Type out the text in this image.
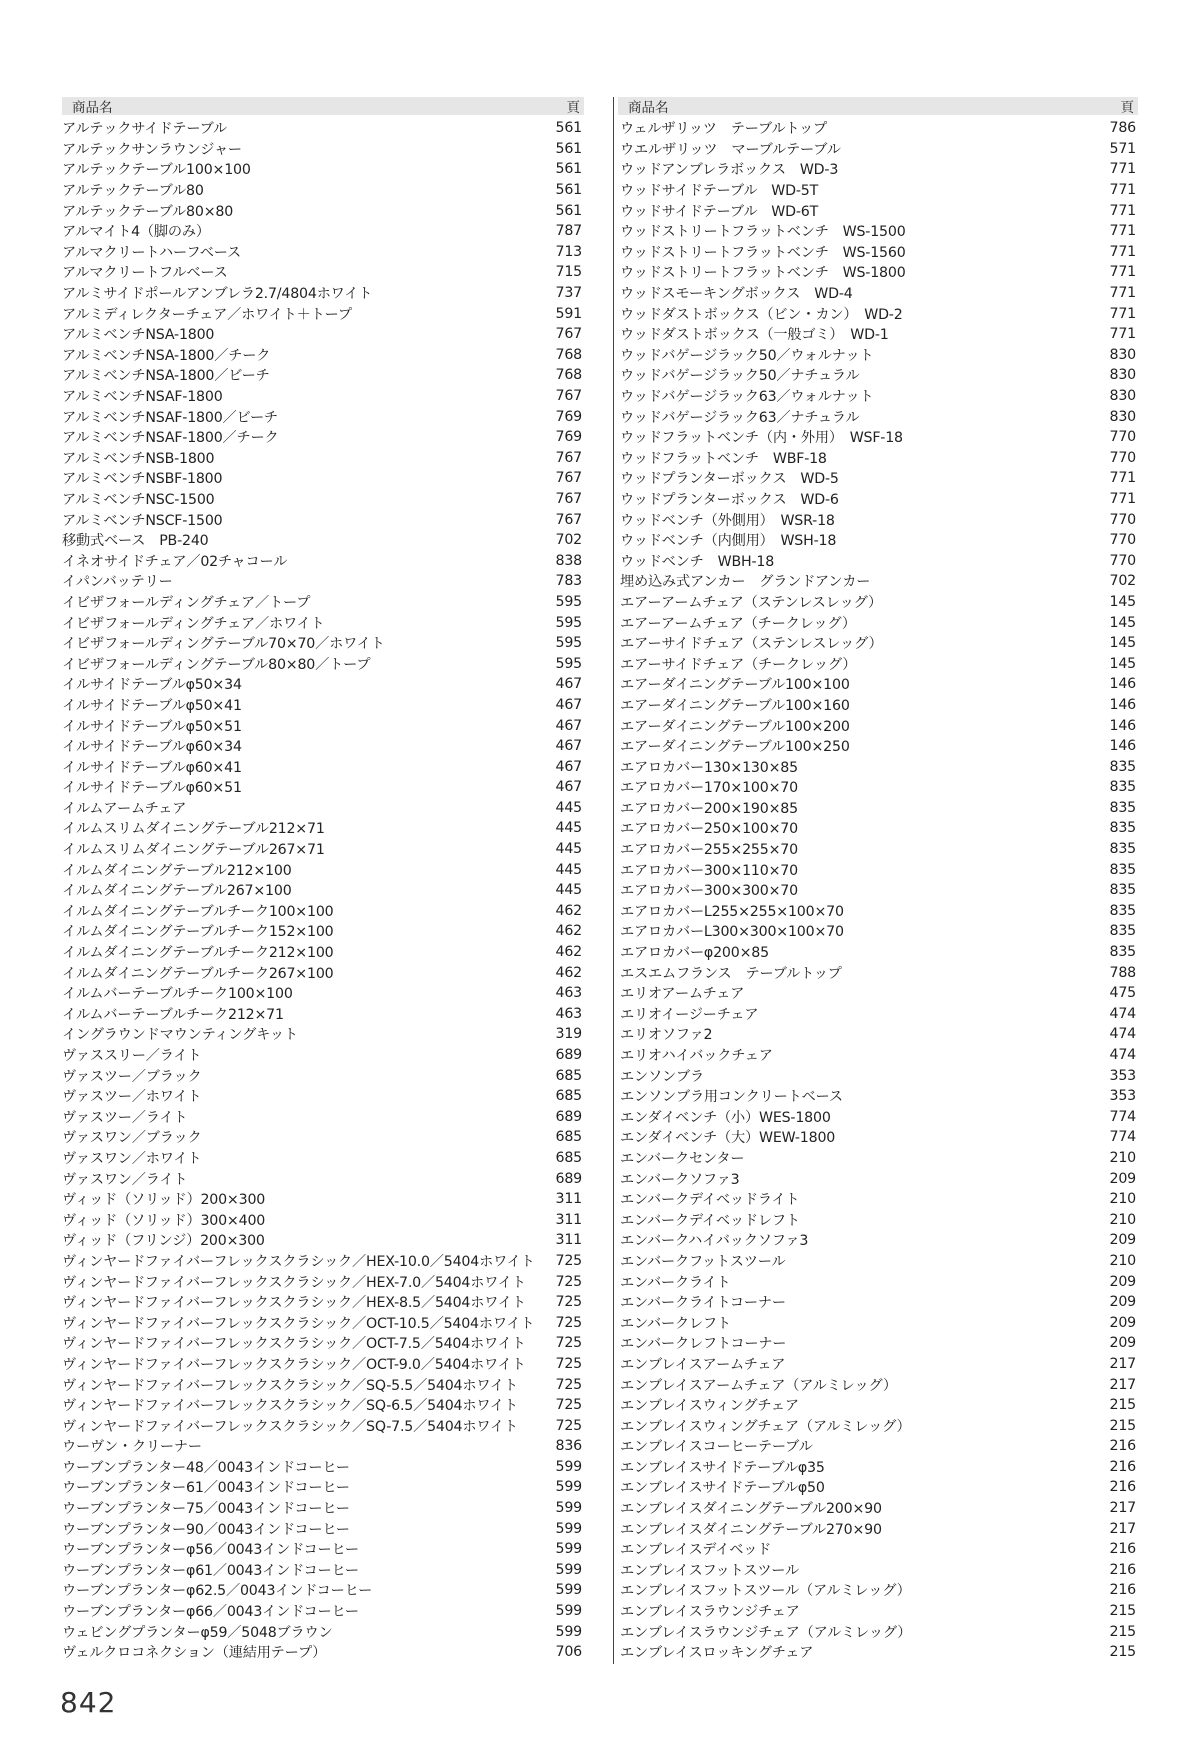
商品名	頁
アルテックサイドテーブル	561
アルテックサンラウンジャー	561
アルテックテーブル100×100	561
アルテックテーブル80	561
アルテックテーブル80×80	561
アルマイト4（脚のみ）	787
アルマクリートハーフベース	713
アルマクリートフルベース	715
アルミサイドポールアンブレラ2.7/4804ホワイト	737
アルミディレクターチェア／ホワイト＋トープ	591
アルミベンチNSA-1800	767
アルミベンチNSA-1800／チーク	768
アルミベンチNSA-1800／ビーチ	768
アルミベンチNSAF-1800	767
アルミベンチNSAF-1800／ビーチ	769
アルミベンチNSAF-1800／チーク	769
アルミベンチNSB-1800	767
アルミベンチNSBF-1800	767
アルミベンチNSC-1500	767
アルミベンチNSCF-1500	767
移動式ベース　PB-240	702
イネオサイドチェア／02チャコール	838
イパンバッテリー	783
イビザフォールディングチェア／トープ	595
イビザフォールディングチェア／ホワイト	595
イビザフォールディングテーブル70×70／ホワイト	595
イビザフォールディングテーブル80×80／トープ	595
イルサイドテーブルφ50×34	467
イルサイドテーブルφ50×41	467
イルサイドテーブルφ50×51	467
イルサイドテーブルφ60×34	467
イルサイドテーブルφ60×41	467
イルサイドテーブルφ60×51	467
イルムアームチェア	445
イルムスリムダイニングテーブル212×71	445
イルムスリムダイニングテーブル267×71	445
イルムダイニングテーブル212×100	445
イルムダイニングテーブル267×100	445
イルムダイニングテーブルチーク100×100	462
イルムダイニングテーブルチーク152×100	462
イルムダイニングテーブルチーク212×100	462
イルムダイニングテーブルチーク267×100	462
イルムバーテーブルチーク100×100	463
イルムバーテーブルチーク212×71	463
イングラウンドマウンティングキット	319
ヴァススリー／ライト	689
ヴァスツー／ブラック	685
ヴァスツー／ホワイト	685
ヴァスツー／ライト	689
ヴァスワン／ブラック	685
ヴァスワン／ホワイト	685
ヴァスワン／ライト	689
ヴィッド（ソリッド）200×300	311
ヴィッド（ソリッド）300×400	311
ヴィッド（フリンジ）200×300	311
ヴィンヤードファイバーフレックスクラシック／HEX-10.0／5404ホワイト 725
ヴィンヤードファイバーフレックスクラシック／HEX-7.0／5404ホワイト 725
ヴィンヤードファイバーフレックスクラシック／HEX-8.5／5404ホワイト 725
ヴィンヤードファイバーフレックスクラシック／OCT-10.5／5404ホワイト 725
ヴィンヤードファイバーフレックスクラシック／OCT-7.5／5404ホワイト 725
ヴィンヤードファイバーフレックスクラシック／OCT-9.0／5404ホワイト 725
ヴィンヤードファイバーフレックスクラシック／SQ-5.5／5404ホワイト	725
ヴィンヤードファイバーフレックスクラシック／SQ-6.5／5404ホワイト	725
ヴィンヤードファイバーフレックスクラシック／SQ-7.5／5404ホワイト	725
ウーヴン・クリーナー	836
ウーブンプランター48／0043インドコーヒー	599
ウーブンプランター61／0043インドコーヒー	599
ウーブンプランター75／0043インドコーヒー	599
ウーブンプランター90／0043インドコーヒー	599
ウーブンプランターφ56／0043インドコーヒー	599
ウーブンプランターφ61／0043インドコーヒー	599
ウーブンプランターφ62.5／0043インドコーヒー	599
ウーブンプランターφ66／0043インドコーヒー	599
ウェビングプランターφ59／5048ブラウン	599
ヴェルクロコネクション（連結用テープ）	706
商品名	頁
ウェルザリッツ　テーブルトップ	786
ウエルザリッツ　マーブルテーブル	571
ウッドアンブレラボックス　WD-3	771
ウッドサイドテーブル　WD-5T	771
ウッドサイドテーブル　WD-6T	771
ウッドストリートフラットベンチ　WS-1500	771
ウッドストリートフラットベンチ　WS-1560	771
ウッドストリートフラットベンチ　WS-1800	771
ウッドスモーキングボックス　WD-4	771
ウッドダストボックス（ビン・カン）　WD-2	771
ウッドダストボックス（一般ゴミ）　WD-1	771
ウッドバゲージラック50／ウォルナット	830
ウッドバゲージラック50／ナチュラル	830
ウッドバゲージラック63／ウォルナット	830
ウッドバゲージラック63／ナチュラル	830
ウッドフラットベンチ（内・外用）　WSF-18	770
ウッドフラットベンチ　WBF-18	770
ウッドプランターボックス　WD-5	771
ウッドプランターボックス　WD-6	771
ウッドベンチ（外側用）　WSR-18	770
ウッドベンチ（内側用）　WSH-18	770
ウッドベンチ　WBH-18	770
埋め込み式アンカー　グランドアンカー	702
エアーアームチェア（ステンレスレッグ）	145
エアーアームチェア（チークレッグ）	145
エアーサイドチェア（ステンレスレッグ）	145
エアーサイドチェア（チークレッグ）	145
エアーダイニングテーブル100×100	146
エアーダイニングテーブル100×160	146
エアーダイニングテーブル100×200	146
エアーダイニングテーブル100×250	146
エアロカバー130×130×85	835
エアロカバー170×100×70	835
エアロカバー200×190×85	835
エアロカバー250×100×70	835
エアロカバー255×255×70	835
エアロカバー300×110×70	835
エアロカバー300×300×70	835
エアロカバーL255×255×100×70	835
エアロカバーL300×300×100×70	835
エアロカバーφ200×85	835
エスエムフランス　テーブルトップ	788
エリオアームチェア	475
エリオイージーチェア	474
エリオソファ2	474
エリオハイバックチェア	474
エンソンブラ	353
エンソンブラ用コンクリートベース	353
エンダイベンチ（小）WES-1800	774
エンダイベンチ（大）WEW-1800	774
エンバークセンター	210
エンバークソファ3	209
エンバークデイベッドライト	210
エンバークデイベッドレフト	210
エンバークハイバックソファ3	209
エンバークフットスツール	210
エンバークライト	209
エンバークライトコーナー	209
エンバークレフト	209
エンバークレフトコーナー	209
エンブレイスアームチェア	217
エンブレイスアームチェア（アルミレッグ）	217
エンブレイスウィングチェア	215
エンブレイスウィングチェア（アルミレッグ）	215
エンブレイスコーヒーテーブル	216
エンブレイスサイドテーブルφ35	216
エンブレイスサイドテーブルφ50	216
エンブレイスダイニングテーブル200×90	217
エンブレイスダイニングテーブル270×90	217
エンブレイスデイベッド	216
エンブレイスフットスツール	216
エンブレイスフットスツール（アルミレッグ）	216
エンブレイスラウンジチェア	215
エンブレイスラウンジチェア（アルミレッグ）	215
エンブレイスロッキングチェア	215
842
